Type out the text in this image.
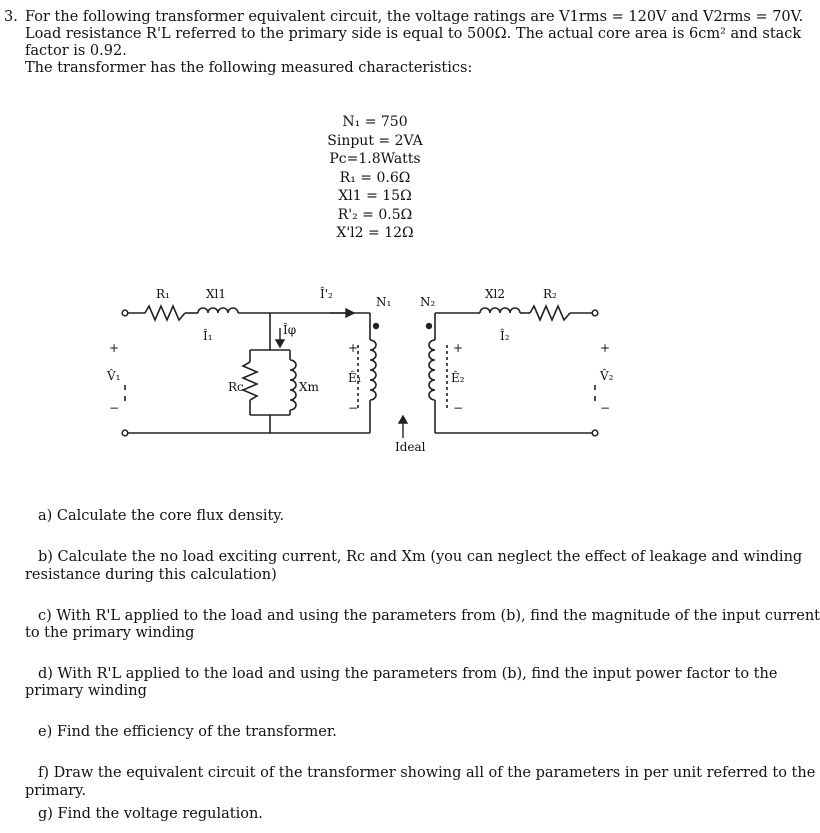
3. For the following transformer equivalent circuit, the voltage ratings are V1rms = 120V and V2rms = 70V.
Load resistance R'L referred to the primary side is equal to 500Ω. The actual core area is 6cm² and stack
factor is 0.92.
The transformer has the following measured characteristics:
N₁ = 750
Sinput = 2VA
Pc=1.8Watts
R₁ = 0.6Ω
Xl1 = 15Ω
R'₂ = 0.5Ω
X'l2 = 12Ω
R₁	Xl1
Î₁	Îφ
Rc	Xm
Î'₂
N₁ N₂
Ê₁	Ê₂
Xl2	R₂
Î₂
V̂₁	V̂₂
Ideal
+
−
+
−
+
−
+
−
a) Calculate the core flux density.
b) Calculate the no load exciting current, Rc and Xm (you can neglect the effect of leakage and winding
resistance during this calculation)
c) With R'L applied to the load and using the parameters from (b), find the magnitude of the input current
to the primary winding
d) With R'L applied to the load and using the parameters from (b), find the input power factor to the
primary winding
e) Find the efficiency of the transformer.
f) Draw the equivalent circuit of the transformer showing all of the parameters in per unit referred to the
primary.
g) Find the voltage regulation.
